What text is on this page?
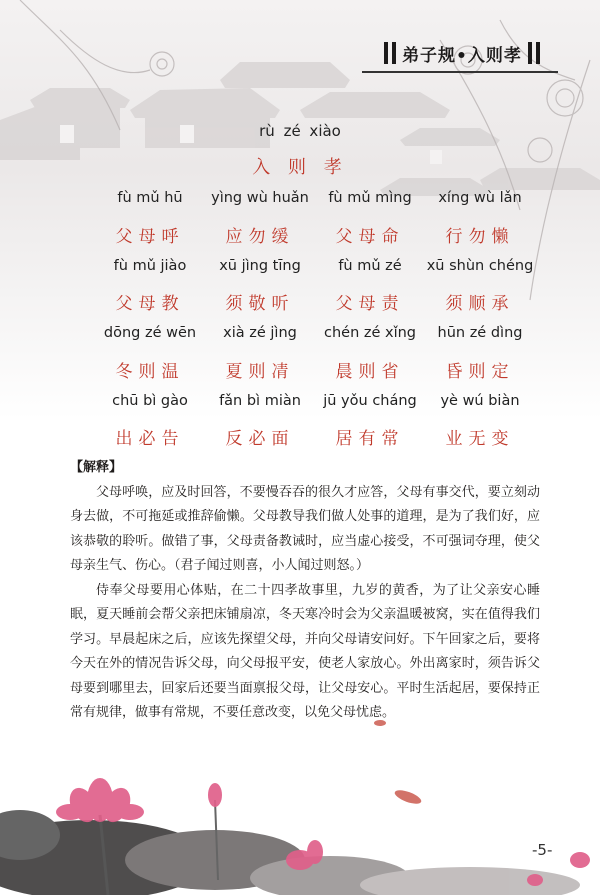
弟子规•入则孝
rù zé xiào
入 则 孝
fù mǔ hū	yìng wù huǎn	fù mǔ mìng	xíng wù lǎn
父母呼	应勿缓	父母命	行勿懒
fù mǔ jiào	xū jìng tīng	fù mǔ zé	xū shùn chéng
父母教	须敬听	父母责	须顺承
dōng zé wēn	xià zé jìng	chén zé xǐng	hūn zé dìng
冬则温	夏则凊	晨则省	昏则定
chū bì gào	fǎn bì miàn	jū yǒu cháng	yè wú biàn
出必告	反必面	居有常	业无变
【解释】

父母呼唤，应及时回答，不要慢吞吞的很久才应答，父母有事交代，要立刻动身去做，不可拖延或推辞偷懒。父母教导我们做人处事的道理，是为了我们好，应该恭敬的聆听。做错了事，父母责备教诫时，应当虚心接受，不可强词夺理，使父母亲生气、伤心。（君子闻过则喜，小人闻过则怒。）

侍奉父母要用心体贴，在二十四孝故事里，九岁的黄香，为了让父亲安心睡眠，夏天睡前会帮父亲把床铺扇凉，冬天寒冷时会为父亲温暖被窝，实在值得我们学习。早晨起床之后，应该先探望父母，并向父母请安问好。下午回家之后，要将今天在外的情况告诉父母，向父母报平安，使老人家放心。外出离家时，须告诉父母要到哪里去，回家后还要当面禀报父母，让父母安心。平时生活起居，要保持正常有规律，做事有常规，不要任意改变，以免父母忧虑。

-5-
